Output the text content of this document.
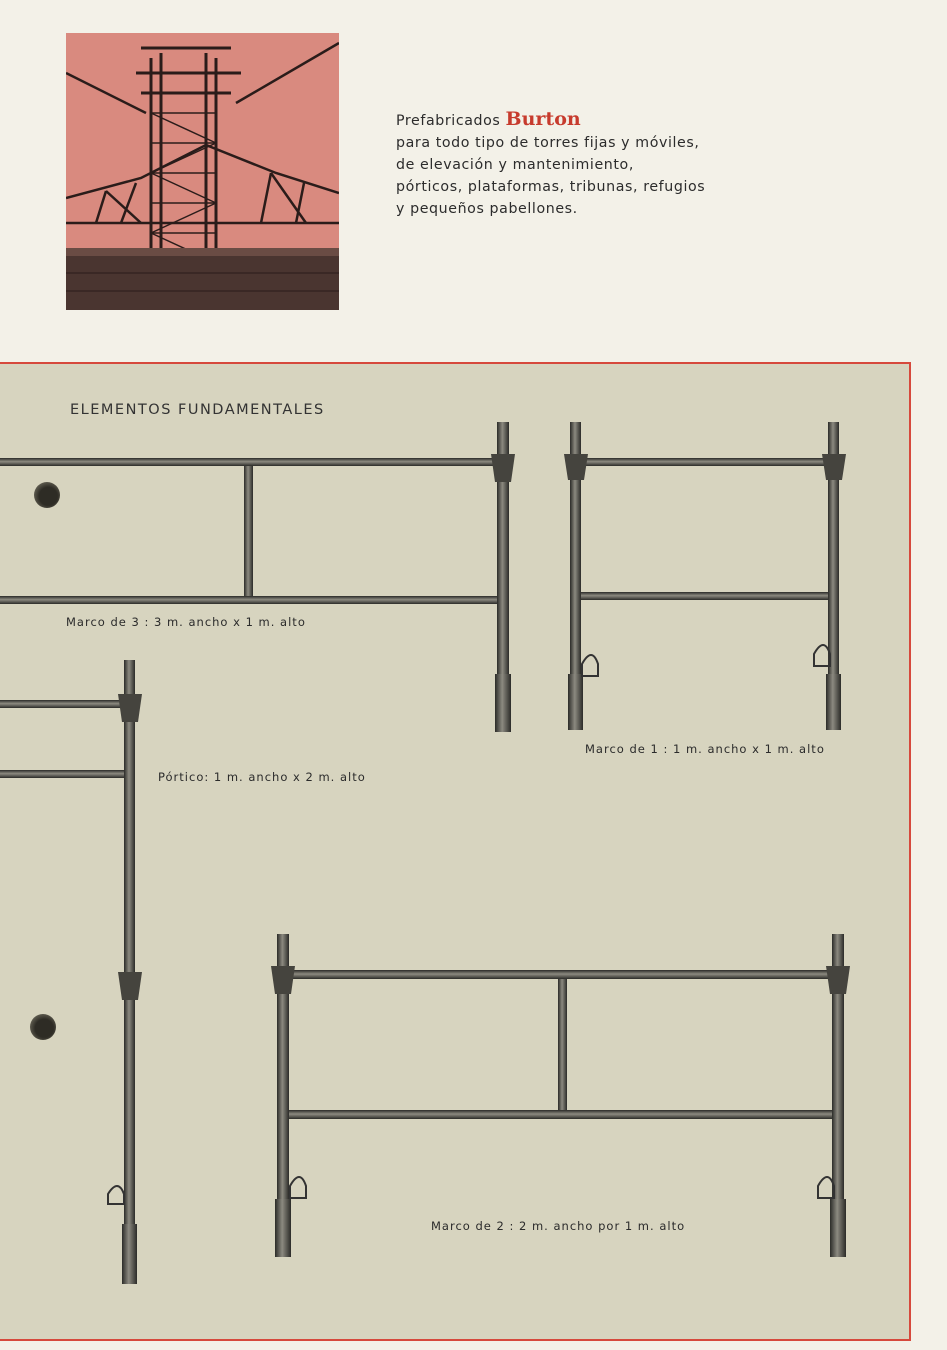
Prefabricados Burton
para todo tipo de torres fijas y móviles,
de elevación y mantenimiento,
pórticos, plataformas, tribunas, refugios
y pequeños pabellones.
ELEMENTOS FUNDAMENTALES
Marco de 3 : 3 m. ancho x 1 m. alto
Marco de 1 : 1 m. ancho x 1 m. alto
Pórtico: 1 m. ancho x 2 m. alto
Marco de 2 : 2 m. ancho por 1 m. alto
